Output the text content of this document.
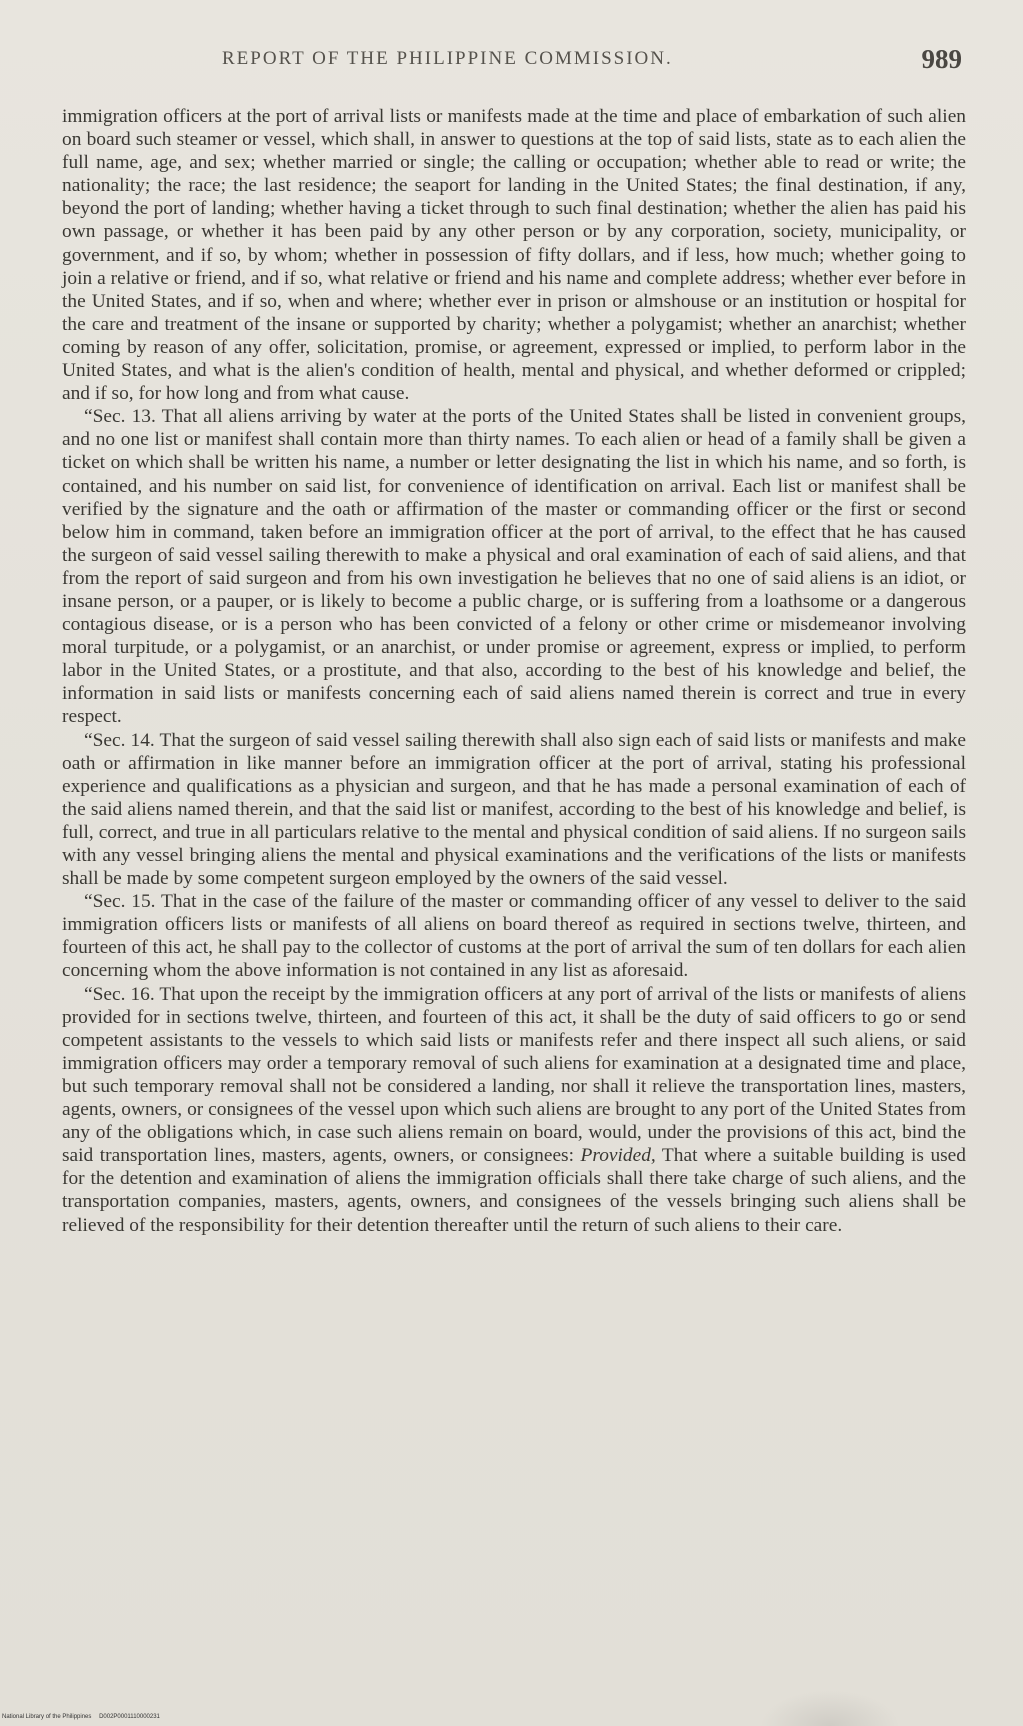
REPORT OF THE PHILIPPINE COMMISSION.	989

immigration officers at the port of arrival lists or manifests made at the time and place of embarkation of such alien on board such steamer or vessel, which shall, in answer to questions at the top of said lists, state as to each alien the full name, age, and sex; whether married or single; the calling or occupation; whether able to read or write; the nationality; the race; the last residence; the seaport for landing in the United States; the final destination, if any, beyond the port of landing; whether having a ticket through to such final destination; whether the alien has paid his own passage, or whether it has been paid by any other person or by any corporation, society, municipality, or government, and if so, by whom; whether in possession of fifty dollars, and if less, how much; whether going to join a relative or friend, and if so, what relative or friend and his name and complete address; whether ever before in the United States, and if so, when and where; whether ever in prison or almshouse or an institution or hospital for the care and treatment of the insane or supported by charity; whether a polygamist; whether an anarchist; whether coming by reason of any offer, solicitation, promise, or agreement, expressed or implied, to perform labor in the United States, and what is the alien's condition of health, mental and physical, and whether deformed or crippled; and if so, for how long and from what cause.

“Sec. 13. That all aliens arriving by water at the ports of the United States shall be listed in convenient groups, and no one list or manifest shall contain more than thirty names. To each alien or head of a family shall be given a ticket on which shall be written his name, a number or letter designating the list in which his name, and so forth, is contained, and his number on said list, for convenience of identification on arrival. Each list or manifest shall be verified by the signature and the oath or affirmation of the master or commanding officer or the first or second below him in command, taken before an immigration officer at the port of arrival, to the effect that he has caused the surgeon of said vessel sailing therewith to make a physical and oral examination of each of said aliens, and that from the report of said surgeon and from his own investigation he believes that no one of said aliens is an idiot, or insane person, or a pauper, or is likely to become a public charge, or is suffering from a loathsome or a dangerous contagious disease, or is a person who has been convicted of a felony or other crime or misdemeanor involving moral turpitude, or a polygamist, or an anarchist, or under promise or agreement, express or implied, to perform labor in the United States, or a prostitute, and that also, according to the best of his knowledge and belief, the information in said lists or manifests concerning each of said aliens named therein is correct and true in every respect.

“Sec. 14. That the surgeon of said vessel sailing therewith shall also sign each of said lists or manifests and make oath or affirmation in like manner before an immigration officer at the port of arrival, stating his professional experience and qualifications as a physician and surgeon, and that he has made a personal examination of each of the said aliens named therein, and that the said list or manifest, according to the best of his knowledge and belief, is full, correct, and true in all particulars relative to the mental and physical condition of said aliens. If no surgeon sails with any vessel bringing aliens the mental and physical examinations and the verifications of the lists or manifests shall be made by some competent surgeon employed by the owners of the said vessel.

“Sec. 15. That in the case of the failure of the master or commanding officer of any vessel to deliver to the said immigration officers lists or manifests of all aliens on board thereof as required in sections twelve, thirteen, and fourteen of this act, he shall pay to the collector of customs at the port of arrival the sum of ten dollars for each alien concerning whom the above information is not contained in any list as aforesaid.

“Sec. 16. That upon the receipt by the immigration officers at any port of arrival of the lists or manifests of aliens provided for in sections twelve, thirteen, and fourteen of this act, it shall be the duty of said officers to go or send competent assistants to the vessels to which said lists or manifests refer and there inspect all such aliens, or said immigration officers may order a temporary removal of such aliens for examination at a designated time and place, but such temporary removal shall not be considered a landing, nor shall it relieve the transportation lines, masters, agents, owners, or consignees of the vessel upon which such aliens are brought to any port of the United States from any of the obligations which, in case such aliens remain on board, would, under the provisions of this act, bind the said transportation lines, masters, agents, owners, or consignees: Provided, That where a suitable building is used for the detention and examination of aliens the immigration officials shall there take charge of such aliens, and the transportation companies, masters, agents, owners, and consignees of the vessels bringing such aliens shall be relieved of the responsibility for their detention thereafter until the return of such aliens to their care.

National Library of the Philippines D002P0001110000231
